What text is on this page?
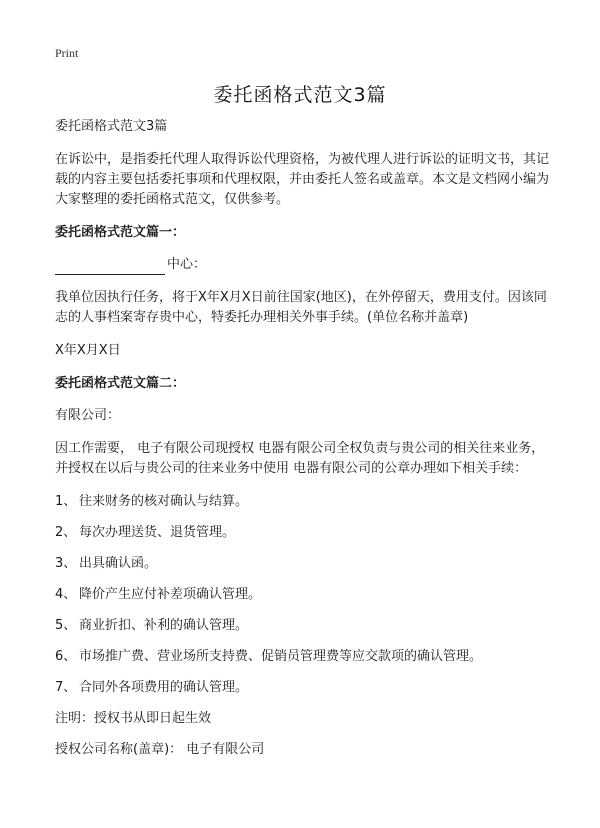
Print
委托函格式范文3篇

委托函格式范文3篇

在诉讼中，是指委托代理人取得诉讼代理资格，为被代理人进行诉讼的证明文书，其记载的内容主要包括委托事项和代理权限，并由委托人签名或盖章。本文是文档网小编为大家整理的委托函格式范文，仅供参考。

委托函格式范文篇一：

中心：

我单位因执行任务，将于X年X月X日前往国家(地区)，在外停留天，费用支付。因该同志的人事档案寄存贵中心，特委托办理相关外事手续。(单位名称并盖章)

X年X月X日

委托函格式范文篇二：

有限公司：

因工作需要， 电子有限公司现授权 电器有限公司全权负责与贵公司的相关往来业务，并授权在以后与贵公司的往来业务中使用 电器有限公司的公章办理如下相关手续：

1、 往来财务的核对确认与结算。

2、 每次办理送货、退货管理。

3、 出具确认函。

4、 降价产生应付补差项确认管理。

5、 商业折扣、补利的确认管理。

6、 市场推广费、营业场所支持费、促销员管理费等应交款项的确认管理。

7、 合同外各项费用的确认管理。

注明：授权书从即日起生效

授权公司名称(盖章)： 电子有限公司
